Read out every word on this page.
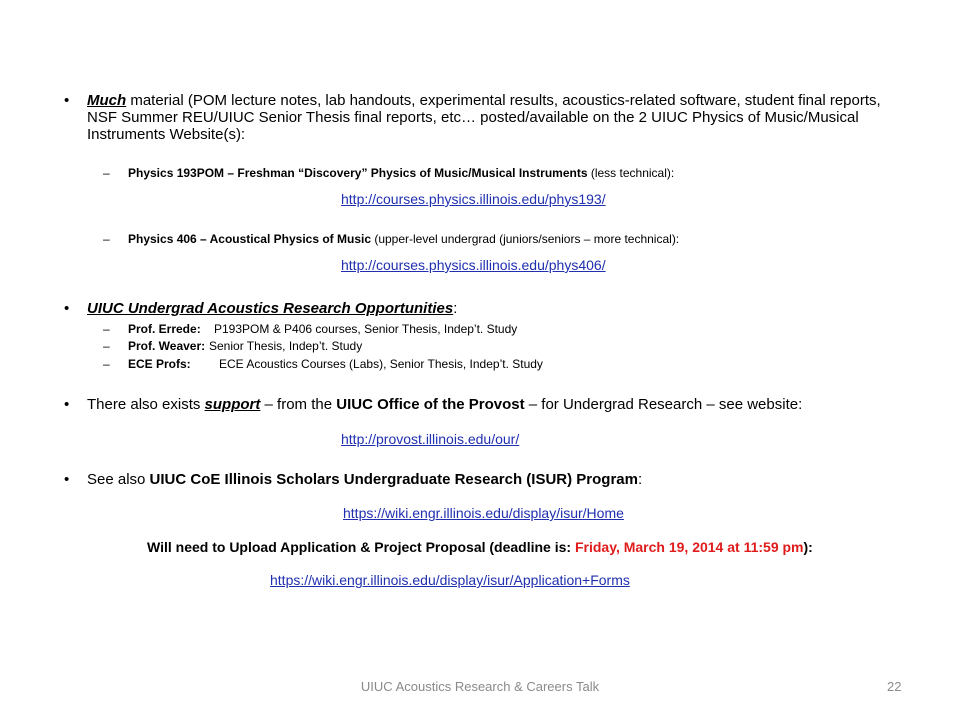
• Much material (POM lecture notes, lab handouts, experimental results, acoustics-related software, student final reports, NSF Summer REU/UIUC Senior Thesis final reports, etc… posted/available on the 2 UIUC Physics of Music/Musical Instruments Website(s):
– Physics 193POM – Freshman “Discovery” Physics of Music/Musical Instruments (less technical):
http://courses.physics.illinois.edu/phys193/
– Physics 406 – Acoustical Physics of Music (upper-level undergrad (juniors/seniors – more technical):
http://courses.physics.illinois.edu/phys406/
• UIUC Undergrad Acoustics Research Opportunities:
– Prof. Errede: P193POM & P406 courses, Senior Thesis, Indep’t. Study
– Prof. Weaver: Senior Thesis, Indep’t. Study
– ECE Profs: ECE Acoustics Courses (Labs), Senior Thesis, Indep’t. Study
• There also exists support – from the UIUC Office of the Provost – for Undergrad Research – see website:
http://provost.illinois.edu/our/
• See also UIUC CoE Illinois Scholars Undergraduate Research (ISUR) Program:
https://wiki.engr.illinois.edu/display/isur/Home
Will need to Upload Application & Project Proposal (deadline is: Friday, March 19, 2014 at 11:59 pm):
https://wiki.engr.illinois.edu/display/isur/Application+Forms
UIUC Acoustics Research & Careers Talk	22
